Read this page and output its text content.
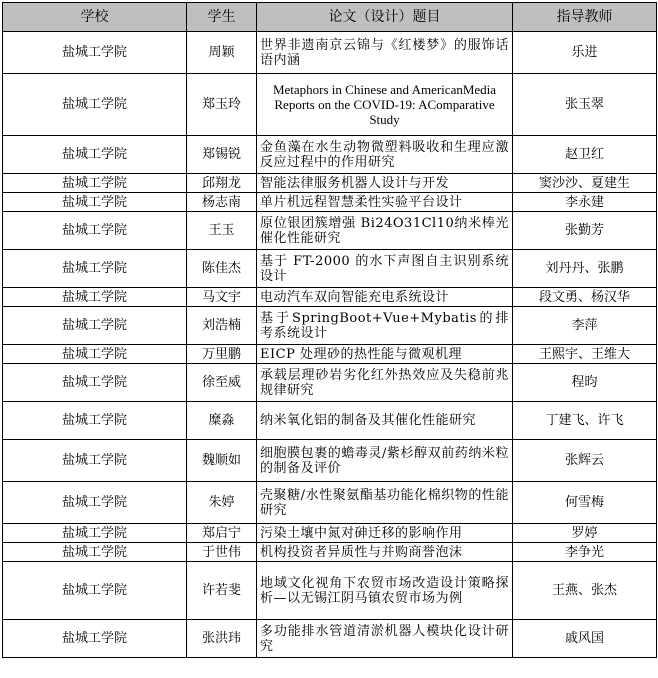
学校	学生	论文（设计）题目	指导教师
盐城工学院	周颖	世界非遗南京云锦与《红楼梦》的服饰话语内涵	乐进
盐城工学院	郑玉玲	Metaphors in Chinese and AmericanMedia Reports on the COVID-19: AComparative Study	张玉翠
盐城工学院	郑锡锐	金鱼藻在水生动物微塑料吸收和生理应激反应过程中的作用研究	赵卫红
盐城工学院	邱翔龙	智能法律服务机器人设计与开发	窦沙沙、夏建生
盐城工学院	杨志南	单片机远程智慧柔性实验平台设计	李永建
盐城工学院	王玉	原位银团簇增强 Bi24O31Cl10纳米棒光催化性能研究	张勤芳
盐城工学院	陈佳杰	基于 FT-2000 的水下声图自主识别系统设计	刘丹丹、张鹏
盐城工学院	马文宇	电动汽车双向智能充电系统设计	段文勇、杨汉华
盐城工学院	刘浩楠	基于SpringBoot+Vue+Mybatis的排考系统设计	李萍
盐城工学院	万里鹏	EICP 处理砂的热性能与微观机理	王熙宇、王维大
盐城工学院	徐至威	承载层理砂岩劣化红外热效应及失稳前兆规律研究	程昀
盐城工学院	糜淼	纳米氧化铝的制备及其催化性能研究	丁建飞、许飞
盐城工学院	魏顺如	细胞膜包裹的蟾毒灵/紫杉醇双前药纳米粒的制备及评价	张辉云
盐城工学院	朱婷	壳聚糖/水性聚氨酯基功能化棉织物的性能研究	何雪梅
盐城工学院	郑启宁	污染土壤中氮对砷迁移的影响作用	罗婷
盐城工学院	于世伟	机构投资者异质性与并购商誉泡沫	李争光
盐城工学院	许若斐	地域文化视角下农贸市场改造设计策略探析—以无锡江阴马镇农贸市场为例	王燕、张杰
盐城工学院	张洪玮	多功能排水管道清淤机器人模块化设计研究	戚风国
